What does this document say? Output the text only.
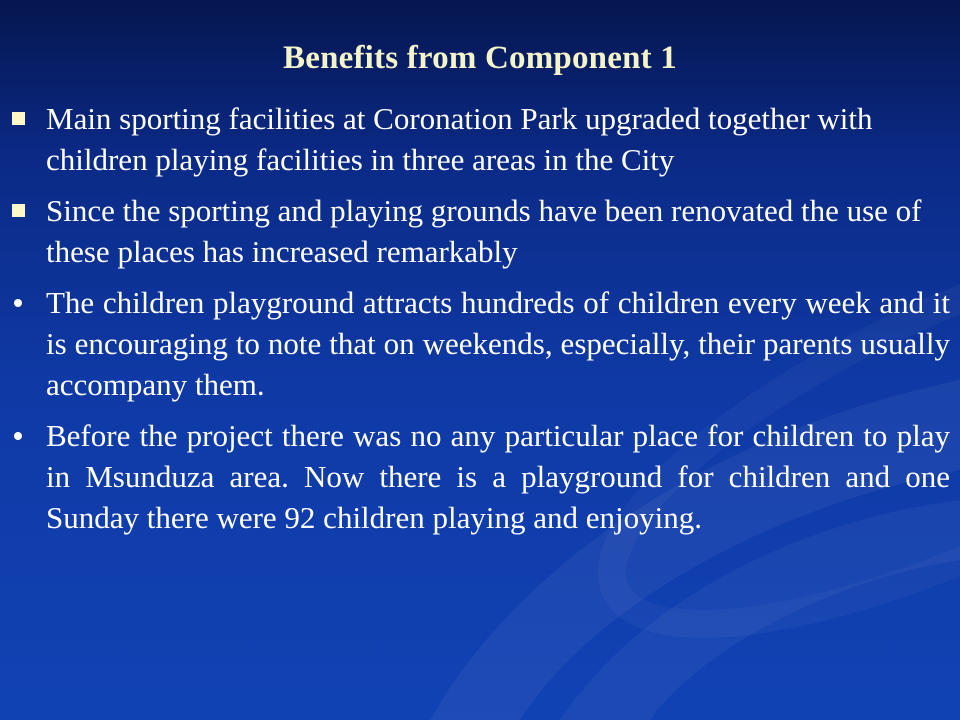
Benefits from Component 1
Main sporting facilities at Coronation Park upgraded together with children playing facilities in three areas in the City
Since the sporting and playing grounds have been renovated the use of these places has increased remarkably
The children playground attracts hundreds of children every week and it is encouraging to note that on weekends, especially, their parents usually accompany them.
Before the project there was no any particular place for children to play in Msunduza area. Now there is a playground for children and one Sunday there were 92 children playing and enjoying.
